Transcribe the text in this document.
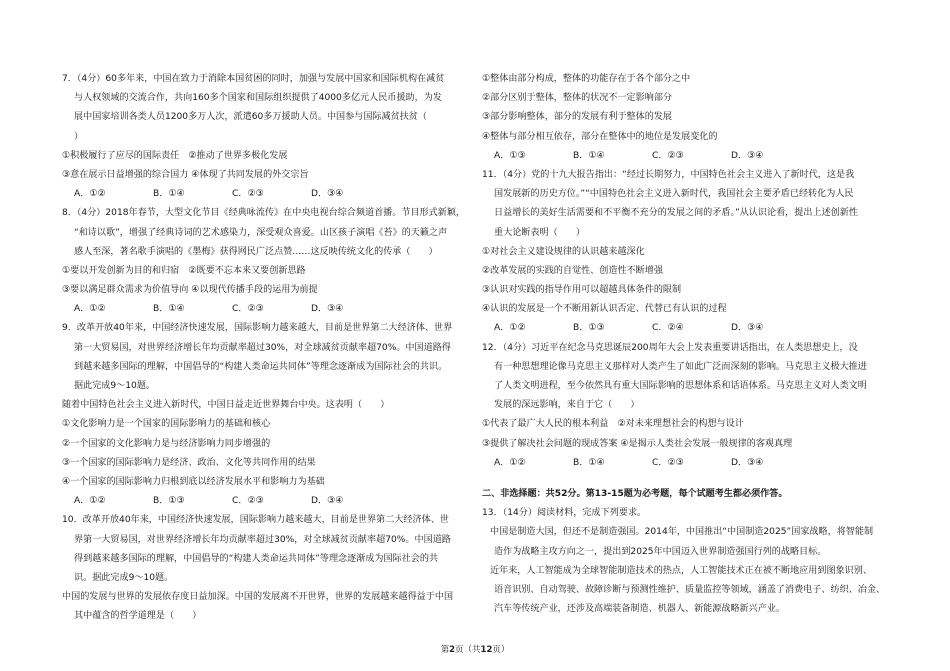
7．（4分）60多年来，中国在致力于消除本国贫困的同时，加强与发展中国家和国际机构在减贫
与人权领域的交流合作，共向160多个国家和国际组织提供了4000多亿元人民币援助，为发
展中国家培训各类人员1200多万人次，派遣60多万援助人员。中国参与国际减贫扶贫（
）
①积极履行了应尽的国际责任　②推动了世界多极化发展
③意在展示日益增强的综合国力 ④体现了共同发展的外交宗旨
A．①②	B．①④	C．②③	D．③④
8．（4分）2018年春节，大型文化节目《经典咏流传》在中央电视台综合频道首播。节目形式新颖，
“和诗以歌”，增强了经典诗词的艺术感染力，深受观众喜爱。山区孩子演唱《苔》的天籁之声
感人至深，著名歌手演唱的《墨梅》获得网民广泛点赞……这反映传统文化的传承（　　）
①要以开发创新为目的和归宿　②既要不忘本来又要创新思路
③要以满足群众需求为价值导向 ④以现代传播手段的运用为前提
A．①②	B．①④	C．②③	D．③④
9．改革开放40年来，中国经济快速发展，国际影响力越来越大，目前是世界第二大经济体、世界
第一大贸易国，对世界经济增长年均贡献率超过30%，对全球减贫贡献率超70%。中国道路得
到越来越多国际的理解，中国倡导的“构建人类命运共同体”等理念逐渐成为国际社会的共识。
据此完成9～10题。
随着中国特色社会主义进入新时代，中国日益走近世界舞台中央。这表明（　　）
①文化影响力是一个国家的国际影响力的基础和核心
②一个国家的文化影响力是与经济影响力同步增强的
③一个国家的国际影响力是经济、政治、文化等共同作用的结果
④一个国家的国际影响力归根到底以经济发展水平和影响力为基础
A．①②	B．①③	C．②③	D．③④
10．改革开放40年来，中国经济快速发展，国际影响力越来越大，目前是世界第二大经济体、世
界第一大贸易国，对世界经济增长年均贡献率超过30%，对全球减贫贡献率超70%。中国道路
得到越来越多国际的理解，中国倡导的“构建人类命运共同体”等理念逐渐成为国际社会的共
识。据此完成9～10题。
中国的发展与世界的发展依存度日益加深。中国的发展离不开世界，世界的发展越来越得益于中国
其中蕴含的哲学道理是（　　）
①整体由部分构成，整体的功能存在于各个部分之中
②部分区别于整体，整体的状况不一定影响部分
③部分影响整体，部分的发展有利于整体的发展
④整体与部分相互依存，部分在整体中的地位是发展变化的
A．①③	B．①④	C．②③	D．③④
11．（4分）党的十九大报告指出：“经过长期努力，中国特色社会主义进入了新时代，这是我
国发展新的历史方位。”“中国特色社会主义进入新时代，我国社会主要矛盾已经转化为人民
日益增长的美好生活需要和不平衡不充分的发展之间的矛盾。”从认识论看，提出上述创新性
重大论断表明（　　）
①对社会主义建设规律的认识越来越深化
②改革发展的实践的自觉性、创造性不断增强
③认识对实践的指导作用可以超越具体条件的限制
④认识的发展是一个不断用新认识否定、代替已有认识的过程
A．①②	B．①③	C．②④	D．③④
12．（4分）习近平在纪念马克思诞辰200周年大会上发表重要讲话指出，在人类思想史上，没
有一种思想理论像马克思主义那样对人类产生了如此广泛而深刻的影响。马克思主义极大推进
了人类文明进程，至今依然具有重大国际影响的思想体系和话语体系。马克思主义对人类文明
发展的深远影响，来自于它（　　）
①代表了最广大人民的根本利益　②对未来理想社会的构想与设计
③提供了解决社会问题的现成答案 ④是揭示人类社会发展一般规律的客观真理
A．①②	B．①④	C．②③	D．③④
二、非选择题：共52分。第13-15题为必考题，每个试题考生都必须作答。
13．（14分）阅读材料，完成下列要求。
中国是制造大国，但还不是制造强国。2014年，中国推出“中国制造2025”国家战略，将智能制
造作为战略主攻方向之一，提出到2025年中国迈入世界制造强国行列的战略目标。
近年来，人工智能成为全球智能制造技术的热点，人工智能技术正在被不断地应用到图象识别、
语音识别、自动驾驶、故障诊断与预测性维护、质量监控等领域，涵盖了消费电子、纺织、冶金、
汽车等传统产业，还涉及高端装备制造、机器人、新能源战略新兴产业。
第2页（共12页）
